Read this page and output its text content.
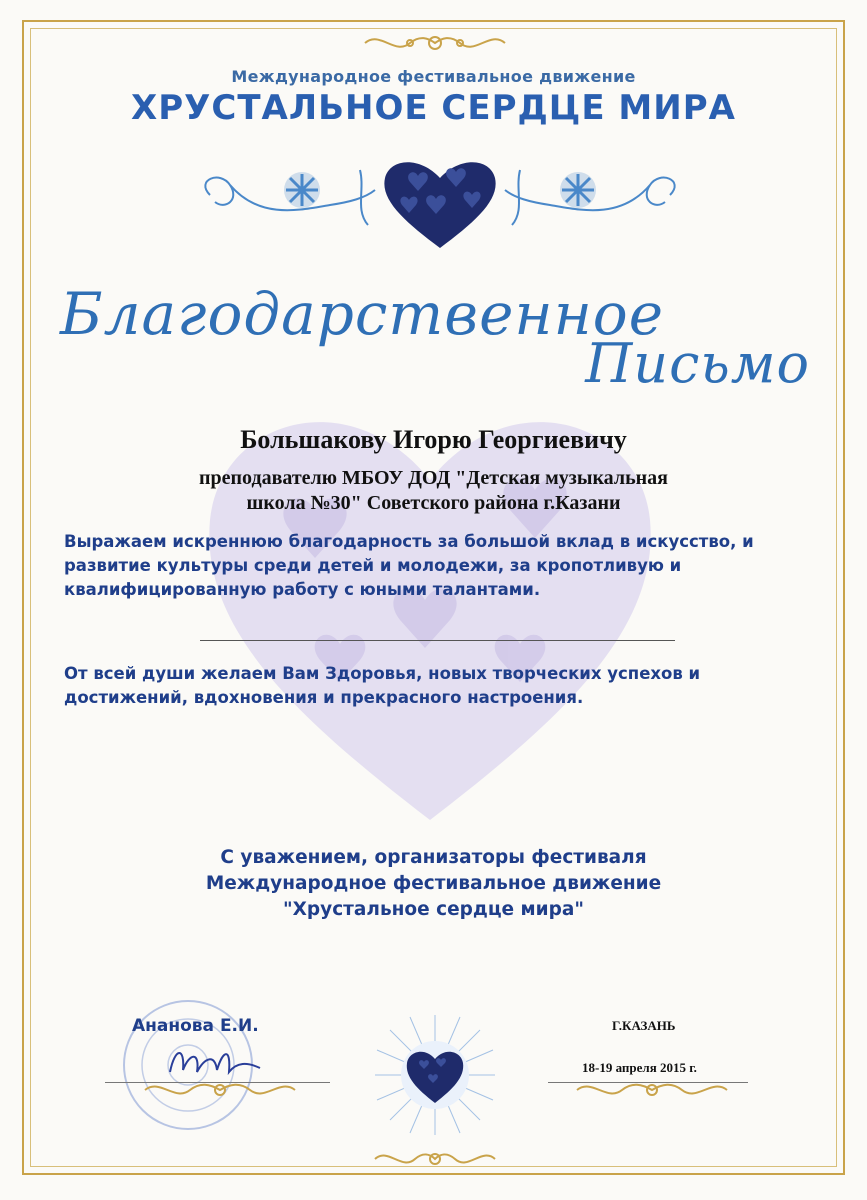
Международное фестивальное движение
ХРУСТАЛЬНОЕ СЕРДЦЕ МИРА
Благодарственное
Письмо
Большакову Игорю Георгиевичу
преподавателю МБОУ ДОД "Детская музыкальная
школа №30" Советского района г.Казани
Выражаем искреннюю благодарность за большой вклад в искусство, и развитие культуры среди детей и молодежи, за кропотливую и квалифицированную работу с юными талантами.
От всей души желаем Вам Здоровья, новых творческих успехов и достижений, вдохновения и прекрасного настроения.
С уважением, организаторы фестиваля
Международное фестивальное движение
"Хрустальное сердце мира"
Ананова Е.И.	Г.КАЗАНЬ
18-19 апреля 2015 г.
